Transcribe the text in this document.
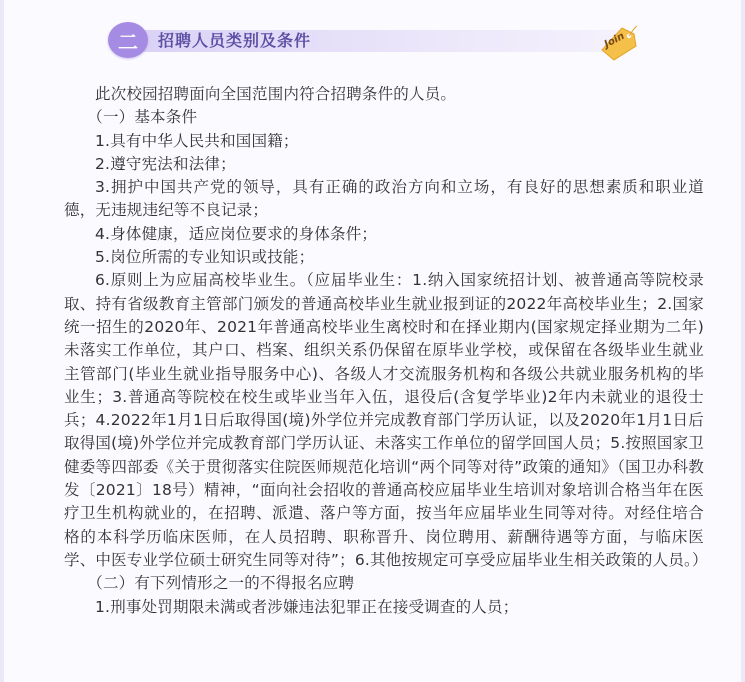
二	招聘人员类别及条件	Join

此次校园招聘面向全国范围内符合招聘条件的人员。

（一）基本条件

1.具有中华人民共和国国籍；

2.遵守宪法和法律；

3.拥护中国共产党的领导，具有正确的政治方向和立场，有良好的思想素质和职业道德，无违规违纪等不良记录；

4.身体健康，适应岗位要求的身体条件；

5.岗位所需的专业知识或技能；

6.原则上为应届高校毕业生。（应届毕业生：1.纳入国家统招计划、被普通高等院校录取、持有省级教育主管部门颁发的普通高校毕业生就业报到证的2022年高校毕业生；2.国家统一招生的2020年、2021年普通高校毕业生离校时和在择业期内(国家规定择业期为二年)未落实工作单位，其户口、档案、组织关系仍保留在原毕业学校，或保留在各级毕业生就业主管部门(毕业生就业指导服务中心)、各级人才交流服务机构和各级公共就业服务机构的毕业生；3.普通高等院校在校生或毕业当年入伍，退役后(含复学毕业)2年内未就业的退役士兵；4.2022年1月1日后取得国(境)外学位并完成教育部门学历认证，以及2020年1月1日后取得国(境)外学位并完成教育部门学历认证、未落实工作单位的留学回国人员；5.按照国家卫健委等四部委《关于贯彻落实住院医师规范化培训“两个同等对待”政策的通知》（国卫办科教发〔2021〕18号）精神，“面向社会招收的普通高校应届毕业生培训对象培训合格当年在医疗卫生机构就业的，在招聘、派遣、落户等方面，按当年应届毕业生同等对待。对经住培合格的本科学历临床医师，在人员招聘、职称晋升、岗位聘用、薪酬待遇等方面，与临床医学、中医专业学位硕士研究生同等对待”；6.其他按规定可享受应届毕业生相关政策的人员。）

（二）有下列情形之一的不得报名应聘

1.刑事处罚期限未满或者涉嫌违法犯罪正在接受调查的人员；
